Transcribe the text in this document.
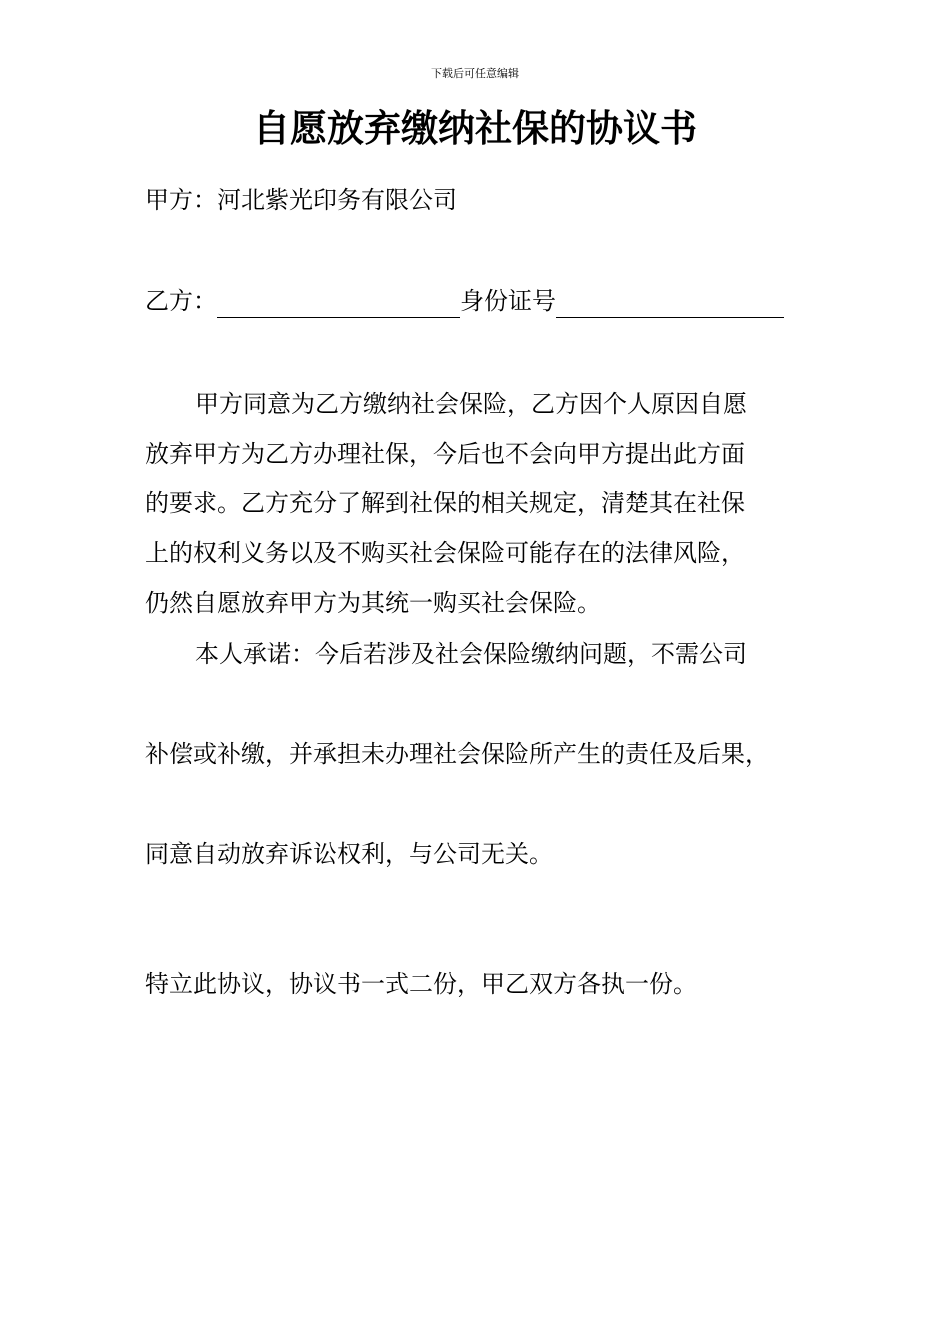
下载后可任意编辑
自愿放弃缴纳社保的协议书
甲方：河北紫光印务有限公司
乙方：	身份证号
甲方同意为乙方缴纳社会保险，乙方因个人原因自愿
放弃甲方为乙方办理社保，今后也不会向甲方提出此方面
的要求。乙方充分了解到社保的相关规定，清楚其在社保
上的权利义务以及不购买社会保险可能存在的法律风险，
仍然自愿放弃甲方为其统一购买社会保险。
本人承诺：今后若涉及社会保险缴纳问题，不需公司
补偿或补缴，并承担未办理社会保险所产生的责任及后果，
同意自动放弃诉讼权利，与公司无关。
特立此协议，协议书一式二份，甲乙双方各执一份。
